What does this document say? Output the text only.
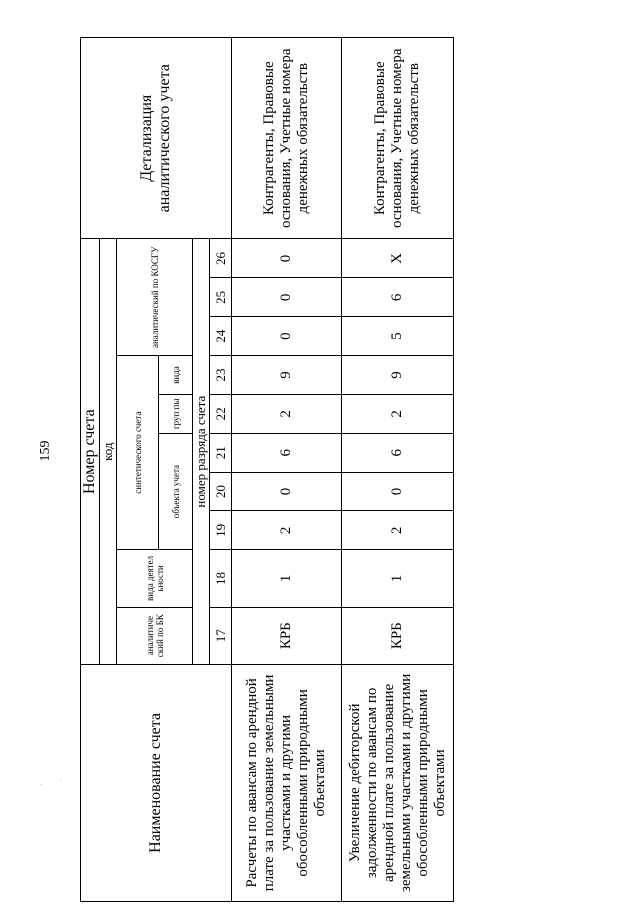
159
·
·	Наименование счета	Номер счета										Детализация аналитического учета
	код										
	аналитиче ский по БК	вида деятел ьности	синтетического счета					аналитический по КОСГУ			
			объекта учета			груп пы	вида				
	номер разряда счета										
	17	18	19	20	21	22	23	24	25	26	
Расчеты по авансам по арендной плате за пользование земельными участками и другими обособленными природными объектами	КРБ	1	2	0	6	2	9	0	0	0	Контрагенты, Правовые основания, Учетные номера денежных обязательств
Увеличение дебиторской задолженности по авансам по арендной плате за пользование земельными участками и другими обособленными природными объектами	КРБ	1	2	0	6	2	9	5	6	Х	Контрагенты, Правовые основания, Учетные номера денежных обязательств
